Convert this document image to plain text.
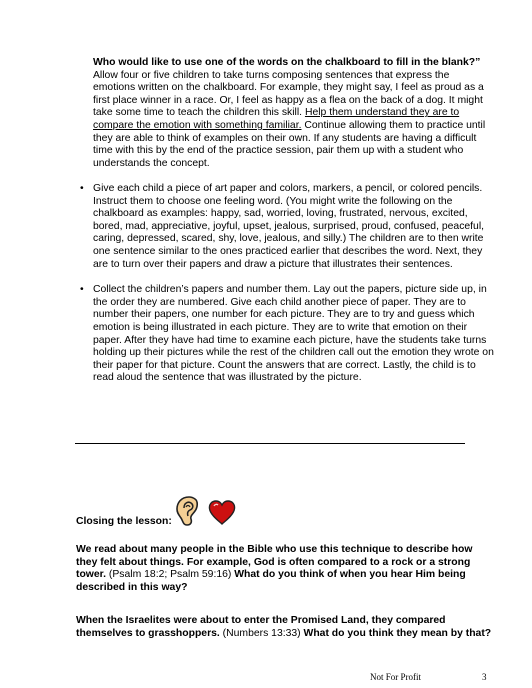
Who would like to use one of the words on the chalkboard to fill in the blank?” Allow four or five children to take turns composing sentences that express the emotions written on the chalkboard. For example, they might say, I feel as proud as a first place winner in a race. Or, I feel as happy as a flea on the back of a dog. It might take some time to teach the children this skill. Help them understand they are to compare the emotion with something familiar. Continue allowing them to practice until they are able to think of examples on their own. If any students are having a difficult time with this by the end of the practice session, pair them up with a student who understands the concept.

• Give each child a piece of art paper and colors, markers, a pencil, or colored pencils. Instruct them to choose one feeling word. (You might write the following on the chalkboard as examples: happy, sad, worried, loving, frustrated, nervous, excited, bored, mad, appreciative, joyful, upset, jealous, surprised, proud, confused, peaceful, caring, depressed, scared, shy, love, jealous, and silly.) The children are to then write one sentence similar to the ones practiced earlier that describes the word. Next, they are to turn over their papers and draw a picture that illustrates their sentences.
• Collect the children’s papers and number them. Lay out the papers, picture side up, in the order they are numbered. Give each child another piece of paper. They are to number their papers, one number for each picture. They are to try and guess which emotion is being illustrated in each picture. They are to write that emotion on their paper. After they have had time to examine each picture, have the students take turns holding up their pictures while the rest of the children call out the emotion they wrote on their paper for that picture. Count the answers that are correct. Lastly, the child is to read aloud the sentence that was illustrated by the picture.
Closing the lesson:

We read about many people in the Bible who use this technique to describe how they felt about things. For example, God is often compared to a rock or a strong tower. (Psalm 18:2; Psalm 59:16) What do you think of when you hear Him being described in this way?

When the Israelites were about to enter the Promised Land, they compared themselves to grasshoppers. (Numbers 13:33) What do you think they mean by that?

Not For Profit	3
